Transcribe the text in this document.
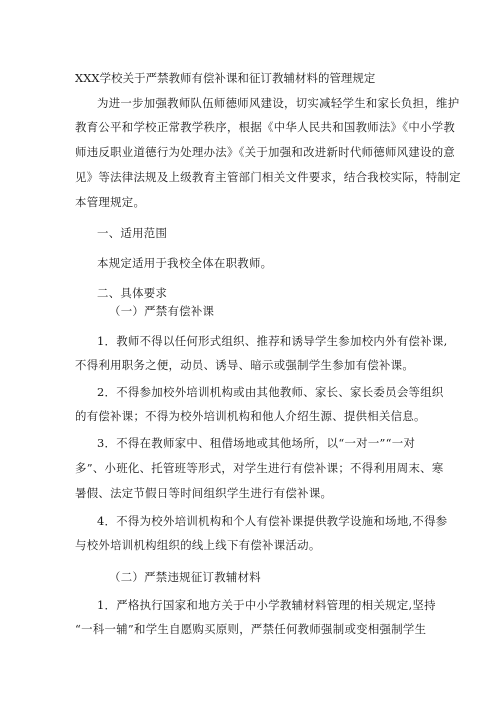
XXX学校关于严禁教师有偿补课和征订教辅材料的管理规定
为进一步加强教师队伍师德师风建设，切实减轻学生和家长负担，维护
教育公平和学校正常教学秩序，根据《中华人民共和国教师法》《中小学教
师违反职业道德行为处理办法》《关于加强和改进新时代师德师风建设的意
见》等法律法规及上级教育主管部门相关文件要求，结合我校实际，特制定
本管理规定。
一、适用范围
本规定适用于我校全体在职教师。
二、具体要求
（一）严禁有偿补课
1．教师不得以任何形式组织、推荐和诱导学生参加校内外有偿补课,
不得利用职务之便，动员、诱导、暗示或强制学生参加有偿补课。
2．不得参加校外培训机构或由其他教师、家长、家长委员会等组织
的有偿补课；不得为校外培训机构和他人介绍生源、提供相关信息。
3．不得在教师家中、租借场地或其他场所，以“一对一”“一对
多”、小班化、托管班等形式，对学生进行有偿补课；不得利用周末、寒
暑假、法定节假日等时间组织学生进行有偿补课。
4．不得为校外培训机构和个人有偿补课提供教学设施和场地,不得参
与校外培训机构组织的线上线下有偿补课活动。
（二）严禁违规征订教辅材料
1．严格执行国家和地方关于中小学教辅材料管理的相关规定,坚持
“一科一辅”和学生自愿购买原则，严禁任何教师强制或变相强制学生
